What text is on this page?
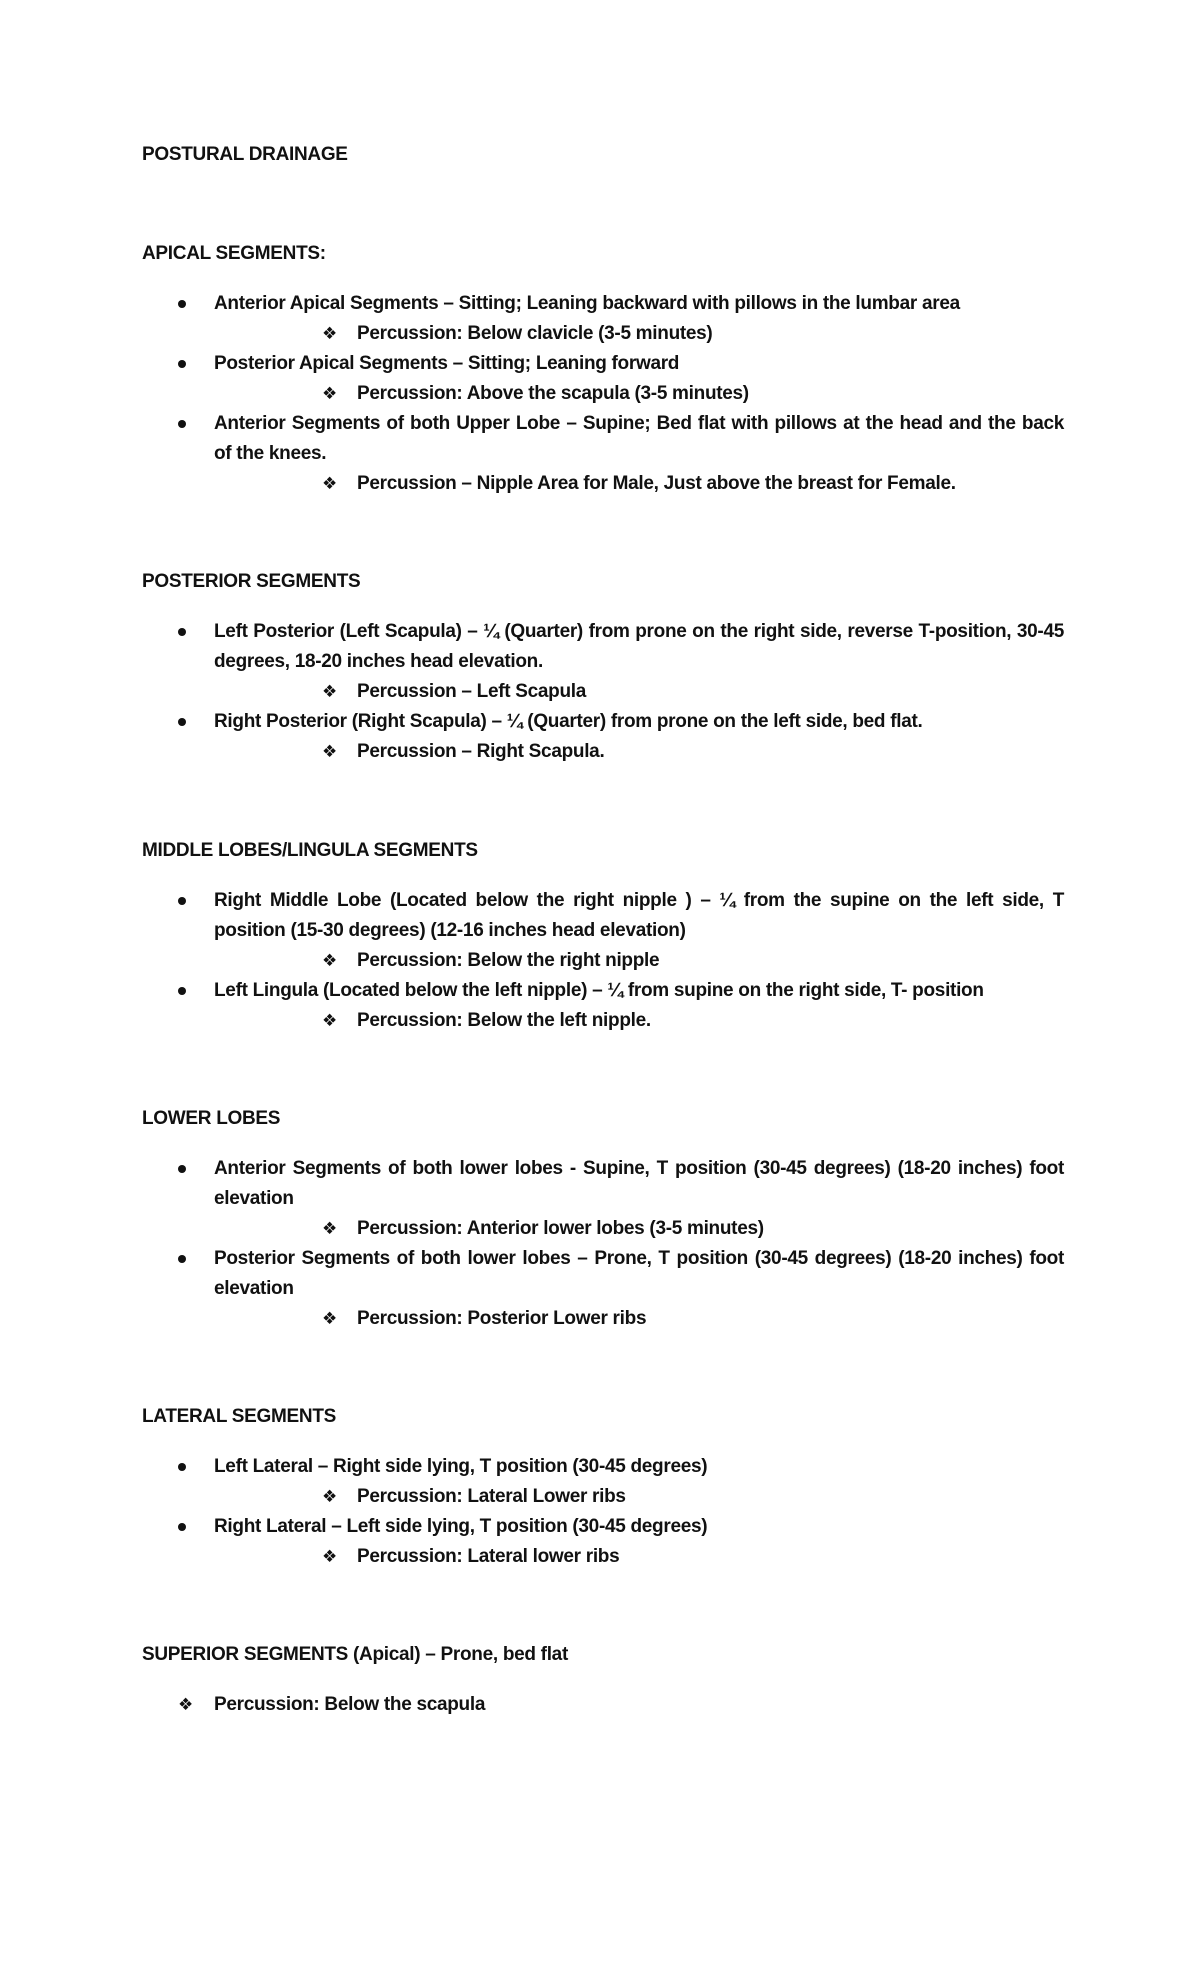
POSTURAL DRAINAGE
APICAL SEGMENTS:
Anterior Apical Segments – Sitting; Leaning backward with pillows in the lumbar area
❖ Percussion: Below clavicle (3-5 minutes)
Posterior Apical Segments – Sitting; Leaning forward
❖ Percussion: Above the scapula (3-5 minutes)
Anterior Segments of both Upper Lobe – Supine; Bed flat with pillows at the head and the back of the knees.
❖ Percussion – Nipple Area for Male, Just above the breast for Female.
POSTERIOR SEGMENTS
Left Posterior (Left Scapula) – ¼ (Quarter) from prone on the right side, reverse T-position, 30-45 degrees, 18-20 inches head elevation.
❖ Percussion – Left Scapula
Right Posterior (Right Scapula) – ¼ (Quarter) from prone on the left side, bed flat.
❖ Percussion – Right Scapula.
MIDDLE LOBES/LINGULA SEGMENTS
Right Middle Lobe (Located below the right nipple ) – ¼ from the supine on the left side, T position (15-30 degrees) (12-16 inches head elevation)
❖ Percussion: Below the right nipple
Left Lingula (Located below the left nipple) – ¼ from supine on the right side, T- position
❖ Percussion: Below the left nipple.
LOWER LOBES
Anterior Segments of both lower lobes - Supine, T position (30-45 degrees) (18-20 inches) foot elevation
❖ Percussion: Anterior lower lobes (3-5 minutes)
Posterior Segments of both lower lobes – Prone, T position (30-45 degrees) (18-20 inches) foot elevation
❖ Percussion: Posterior Lower ribs
LATERAL SEGMENTS
Left Lateral – Right side lying, T position (30-45 degrees)
❖ Percussion: Lateral Lower ribs
Right Lateral – Left side lying, T position (30-45 degrees)
❖ Percussion: Lateral lower ribs
SUPERIOR SEGMENTS (Apical) – Prone, bed flat
❖ Percussion: Below the scapula
